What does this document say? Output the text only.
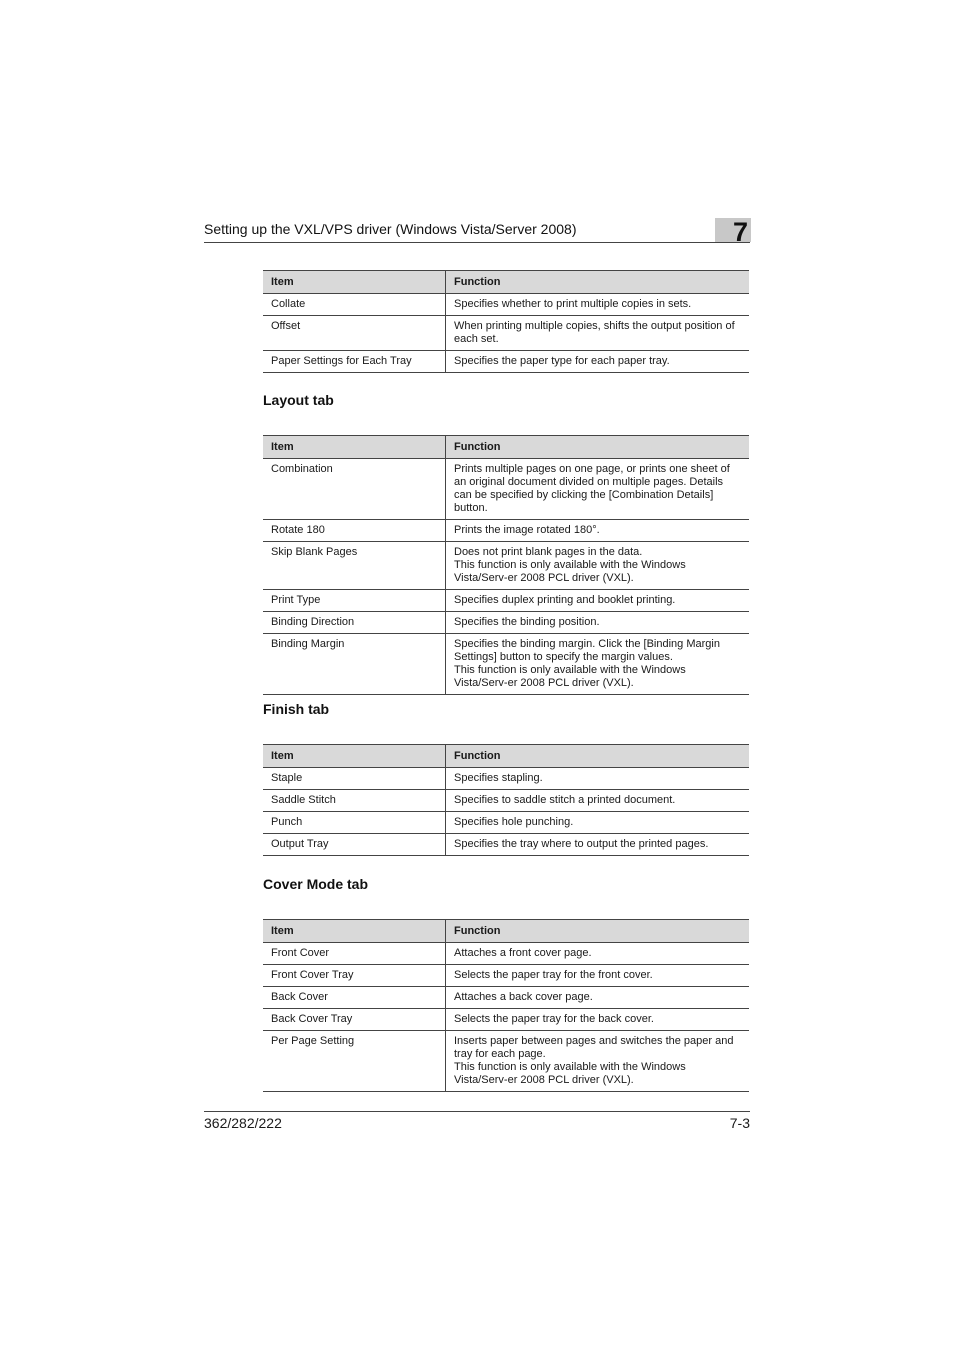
Setting up the VXL/VPS driver (Windows Vista/Server 2008)	7
Item	Function
Collate	Specifies whether to print multiple copies in sets.
Offset	When printing multiple copies, shifts the output position of each set.
Paper Settings for Each Tray	Specifies the paper type for each paper tray.
Layout tab
Item	Function
Combination	Prints multiple pages on one page, or prints one sheet of an original document divided on multiple pages. Details can be specified by clicking the [Combination Details] button.
Rotate 180	Prints the image rotated 180°.
Skip Blank Pages	Does not print blank pages in the data.
This function is only available with the Windows Vista/Serv-er 2008 PCL driver (VXL).
Print Type	Specifies duplex printing and booklet printing.
Binding Direction	Specifies the binding position.
Binding Margin	Specifies the binding margin. Click the [Binding Margin Settings] button to specify the margin values.
This function is only available with the Windows Vista/Serv-er 2008 PCL driver (VXL).
Finish tab
Item	Function
Staple	Specifies stapling.
Saddle Stitch	Specifies to saddle stitch a printed document.
Punch	Specifies hole punching.
Output Tray	Specifies the tray where to output the printed pages.
Cover Mode tab
Item	Function
Front Cover	Attaches a front cover page.
Front Cover Tray	Selects the paper tray for the front cover.
Back Cover	Attaches a back cover page.
Back Cover Tray	Selects the paper tray for the back cover.
Per Page Setting	Inserts paper between pages and switches the paper and tray for each page.
This function is only available with the Windows Vista/Serv-er 2008 PCL driver (VXL).
362/282/222	7-3
